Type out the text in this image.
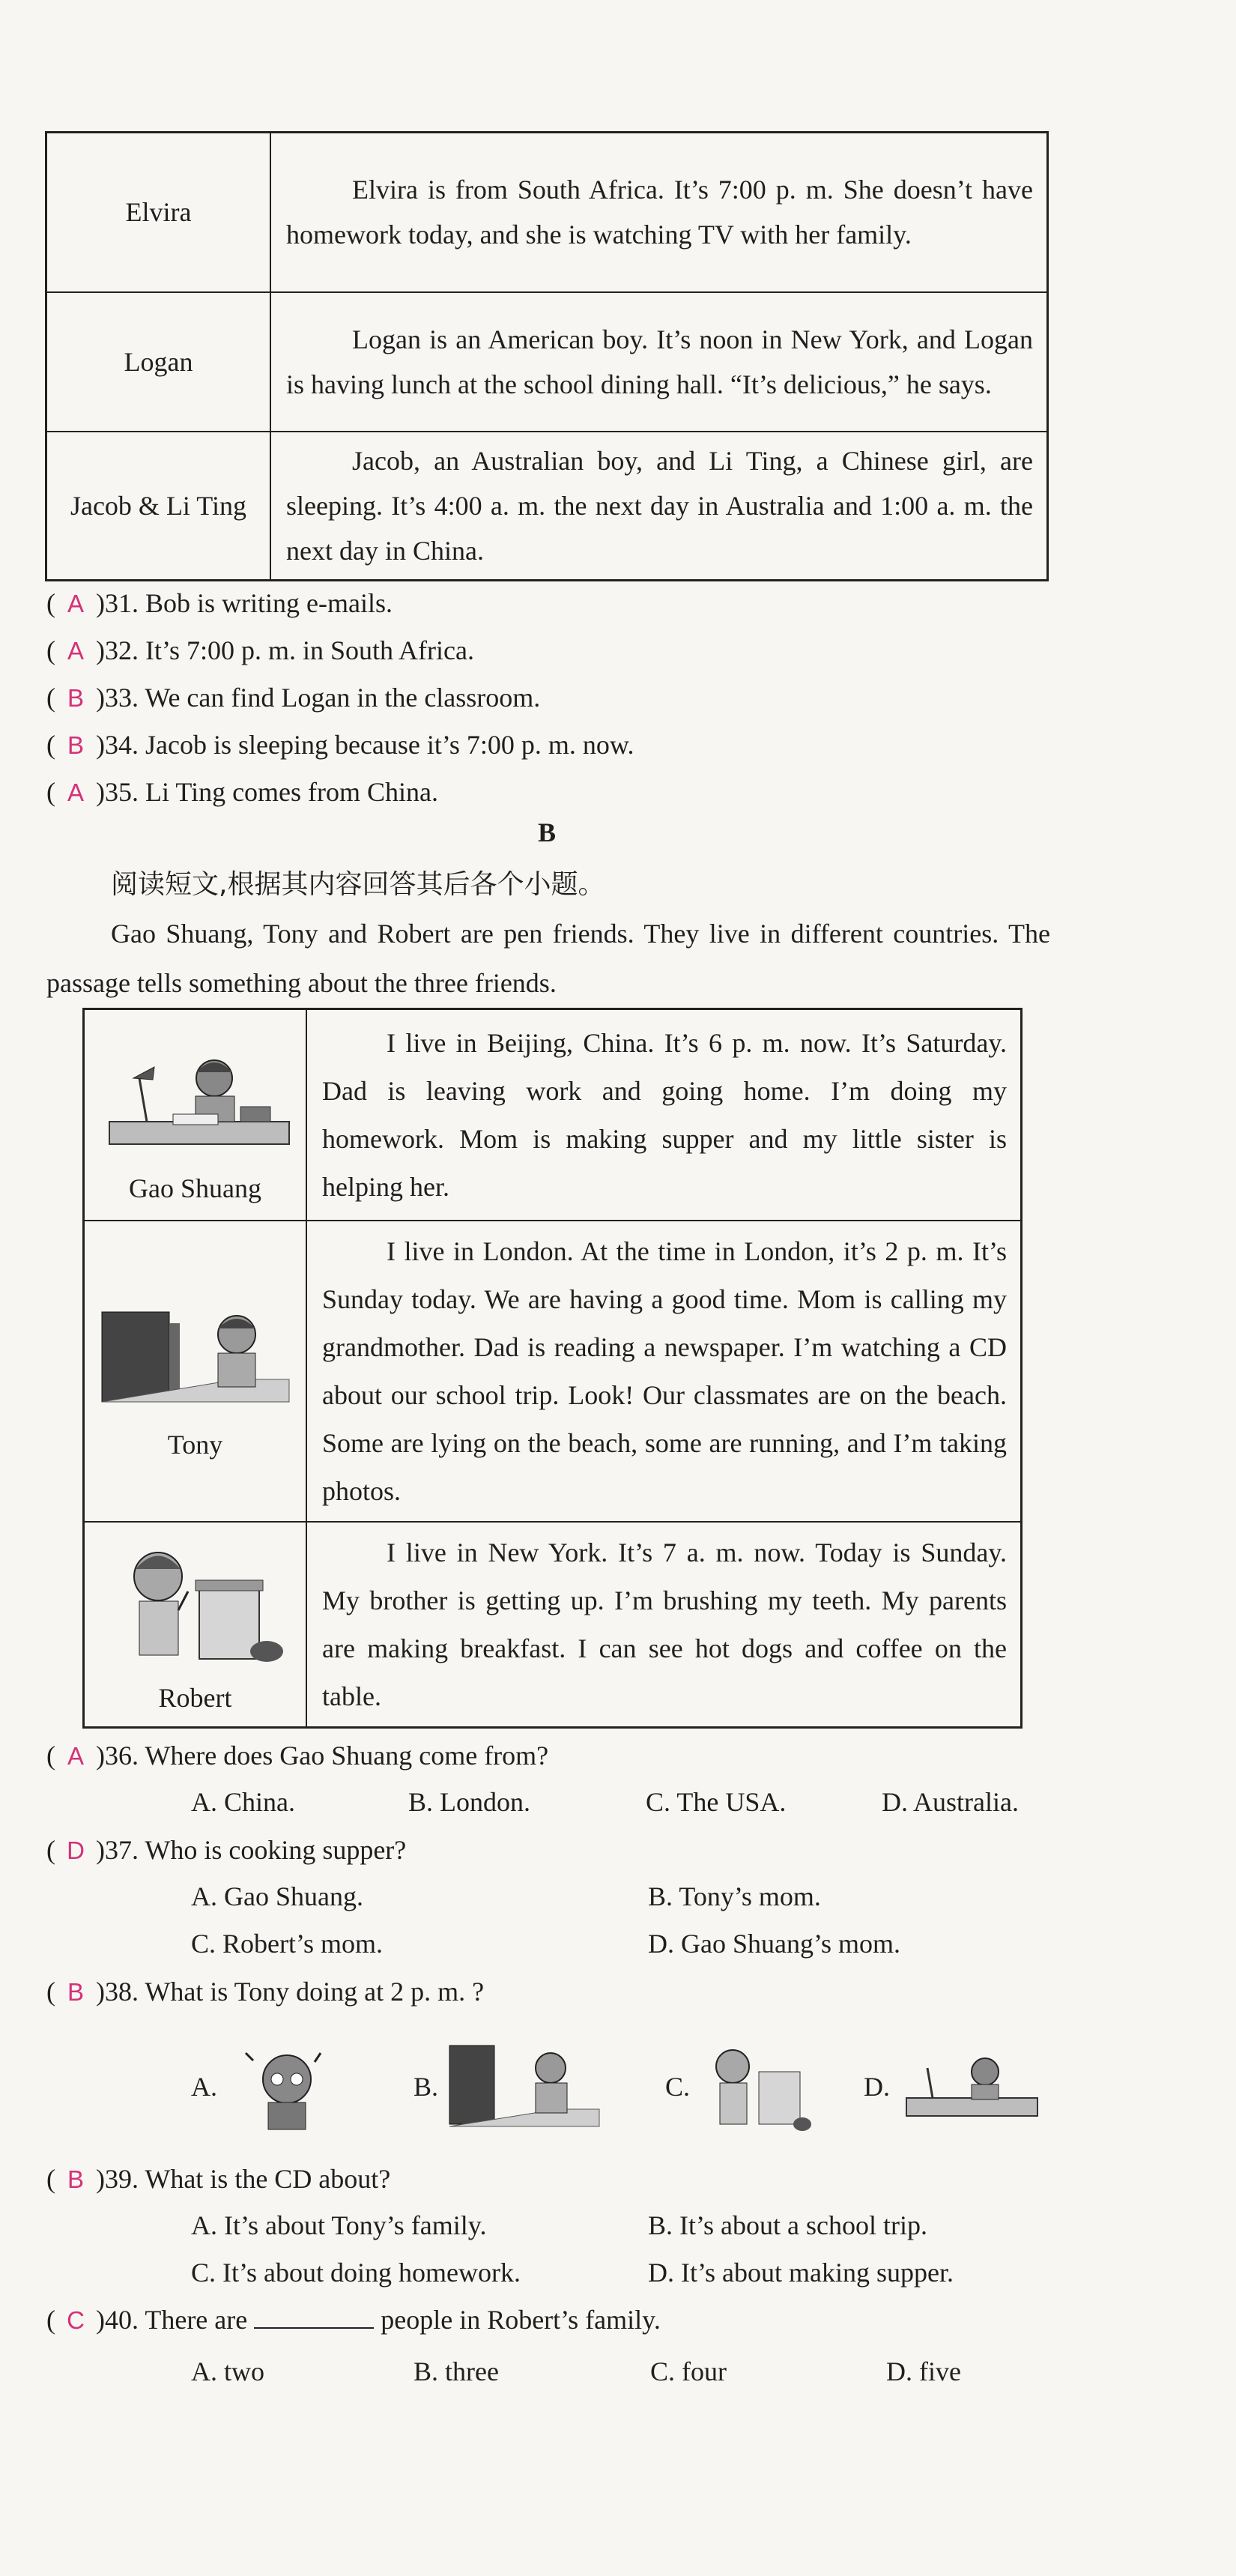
Elvira	Elvira is from South Africa. It’s 7:00 p. m. She doesn’t have homework today, and she is watching TV with her family.
Logan	Logan is an American boy. It’s noon in New York, and Logan is having lunch at the school dining hall. “It’s delicious,” he says.
Jacob & Li Ting	Jacob, an Australian boy, and Li Ting, a Chinese girl, are sleeping. It’s 4:00 a. m. the next day in Australia and 1:00 a. m. the next day in China.
( A )31. Bob is writing e-mails.
( A )32. It’s 7:00 p. m. in South Africa.
( B )33. We can find Logan in the classroom.
( B )34. Jacob is sleeping because it’s 7:00 p. m. now.
( A )35. Li Ting comes from China.
B
阅读短文,根据其内容回答其后各个小题。
Gao Shuang, Tony and Robert are pen friends. They live in different countries. The passage tells something about the three friends.
Gao Shuang	I live in Beijing, China. It’s 6 p. m. now. It’s Saturday. Dad is leaving work and going home. I’m doing my homework. Mom is making supper and my little sister is helping her.

Tony	I live in London. At the time in London, it’s 2 p. m. It’s Sunday today. We are having a good time. Mom is calling my grandmother. Dad is reading a newspaper. I’m watching a CD about our school trip. Look! Our classmates are on the beach. Some are lying on the beach, some are running, and I’m taking photos.

Robert	I live in New York. It’s 7 a. m. now. Today is Sunday. My brother is getting up. I’m brushing my teeth. My parents are making breakfast. I can see hot dogs and coffee on the table.
( A )36. Where does Gao Shuang come from?
A. China.	B. London.	C. The USA.	D. Australia.
( D )37. Who is cooking supper?
A. Gao Shuang.	B. Tony’s mom.
C. Robert’s mom.	D. Gao Shuang’s mom.
( B )38. What is Tony doing at 2 p. m. ?
A.	B.	C.	D.
( B )39. What is the CD about?
A. It’s about Tony’s family.	B. It’s about a school trip.
C. It’s about doing homework.	D. It’s about making supper.
( C )40. There are	people in Robert’s family.
A. two	B. three	C. four	D. five
